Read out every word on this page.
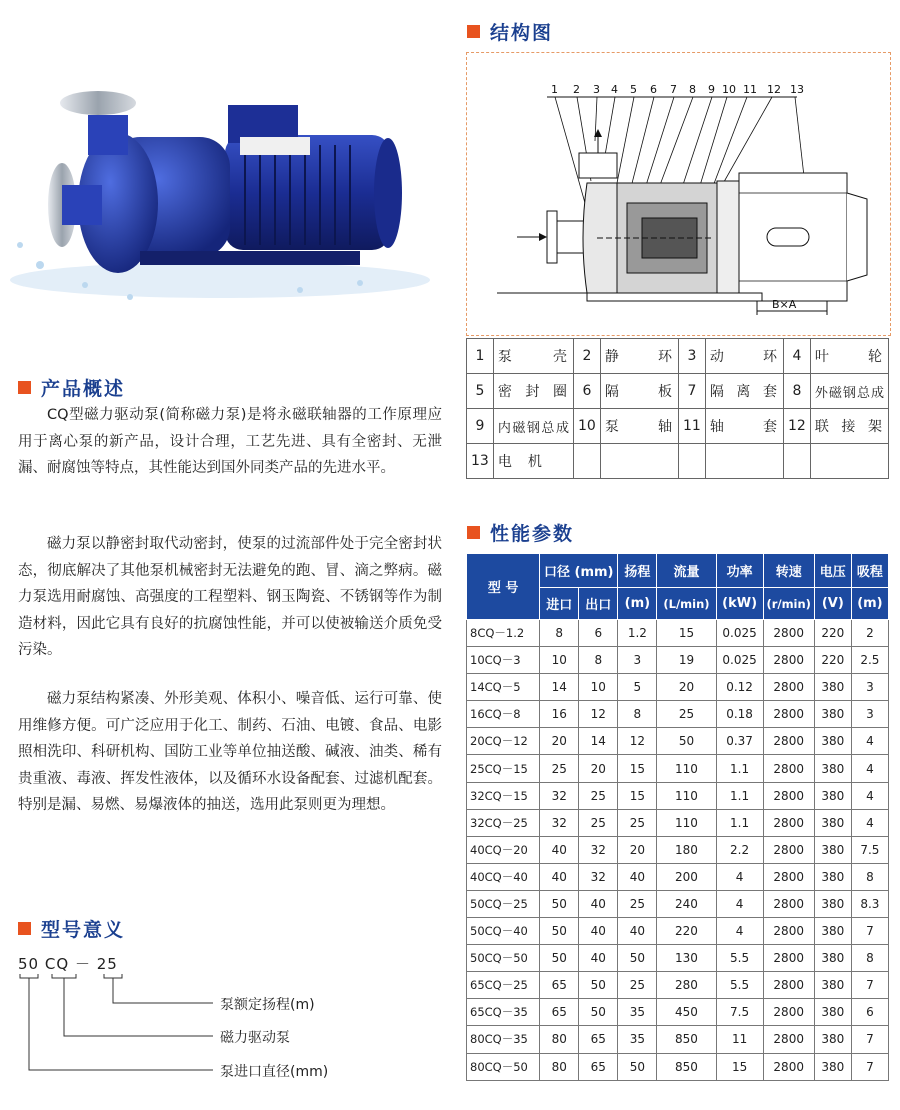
结构图
1 2 3 4 5 6 7 8 9 10 11 12 13
B×A
1	泵壳	2	静环	3	动环	4	叶轮
5	密封圈	6	隔板	7	隔离套	8	外磁钢总成
9	内磁钢总成	10	泵轴	11	轴套	12	联接架
13	电机						
产品概述
CQ型磁力驱动泵(简称磁力泵)是将永磁联轴器的工作原理应用于离心泵的新产品，设计合理，工艺先进、具有全密封、无泄漏、耐腐蚀等特点，其性能达到国外同类产品的先进水平。
磁力泵以静密封取代动密封，使泵的过流部件处于完全密封状态，彻底解决了其他泵机械密封无法避免的跑、冒、滴之弊病。磁力泵选用耐腐蚀、高强度的工程塑料、钢玉陶瓷、不锈钢等作为制造材料，因此它具有良好的抗腐蚀性能，并可以使被输送介质免受污染。
磁力泵结构紧凑、外形美观、体积小、噪音低、运行可靠、使用维修方便。可广泛应用于化工、制药、石油、电镀、食品、电影照相洗印、科研机构、国防工业等单位抽送酸、碱液、油类、稀有贵重液、毒液、挥发性液体，以及循环水设备配套、过滤机配套。特别是漏、易燃、易爆液体的抽送，选用此泵则更为理想。
性能参数
型 号	口径 (mm)		扬程	流量	功率	转速	电压	吸程
	进口	出口	(m)	(L/min)	(kW)	(r/min)	(V)	(m)
8CQ－1.2	8	6	1.2	15	0.025	2800	220	2
10CQ－3	10	8	3	19	0.025	2800	220	2.5
14CQ－5	14	10	5	20	0.12	2800	380	3
16CQ－8	16	12	8	25	0.18	2800	380	3
20CQ－12	20	14	12	50	0.37	2800	380	4
25CQ－15	25	20	15	110	1.1	2800	380	4
32CQ－15	32	25	15	110	1.1	2800	380	4
32CQ－25	32	25	25	110	1.1	2800	380	4
40CQ－20	40	32	20	180	2.2	2800	380	7.5
40CQ－40	40	32	40	200	4	2800	380	8
50CQ－25	50	40	25	240	4	2800	380	8.3
50CQ－40	50	40	40	220	4	2800	380	7
50CQ－50	50	40	50	130	5.5	2800	380	8
65CQ－25	65	50	25	280	5.5	2800	380	7
65CQ－35	65	50	35	450	7.5	2800	380	6
80CQ－35	80	65	35	850	11	2800	380	7
80CQ－50	80	65	50	850	15	2800	380	7
型号意义
50 CQ － 25
泵额定扬程(m)
磁力驱动泵
泵进口直径(mm)
